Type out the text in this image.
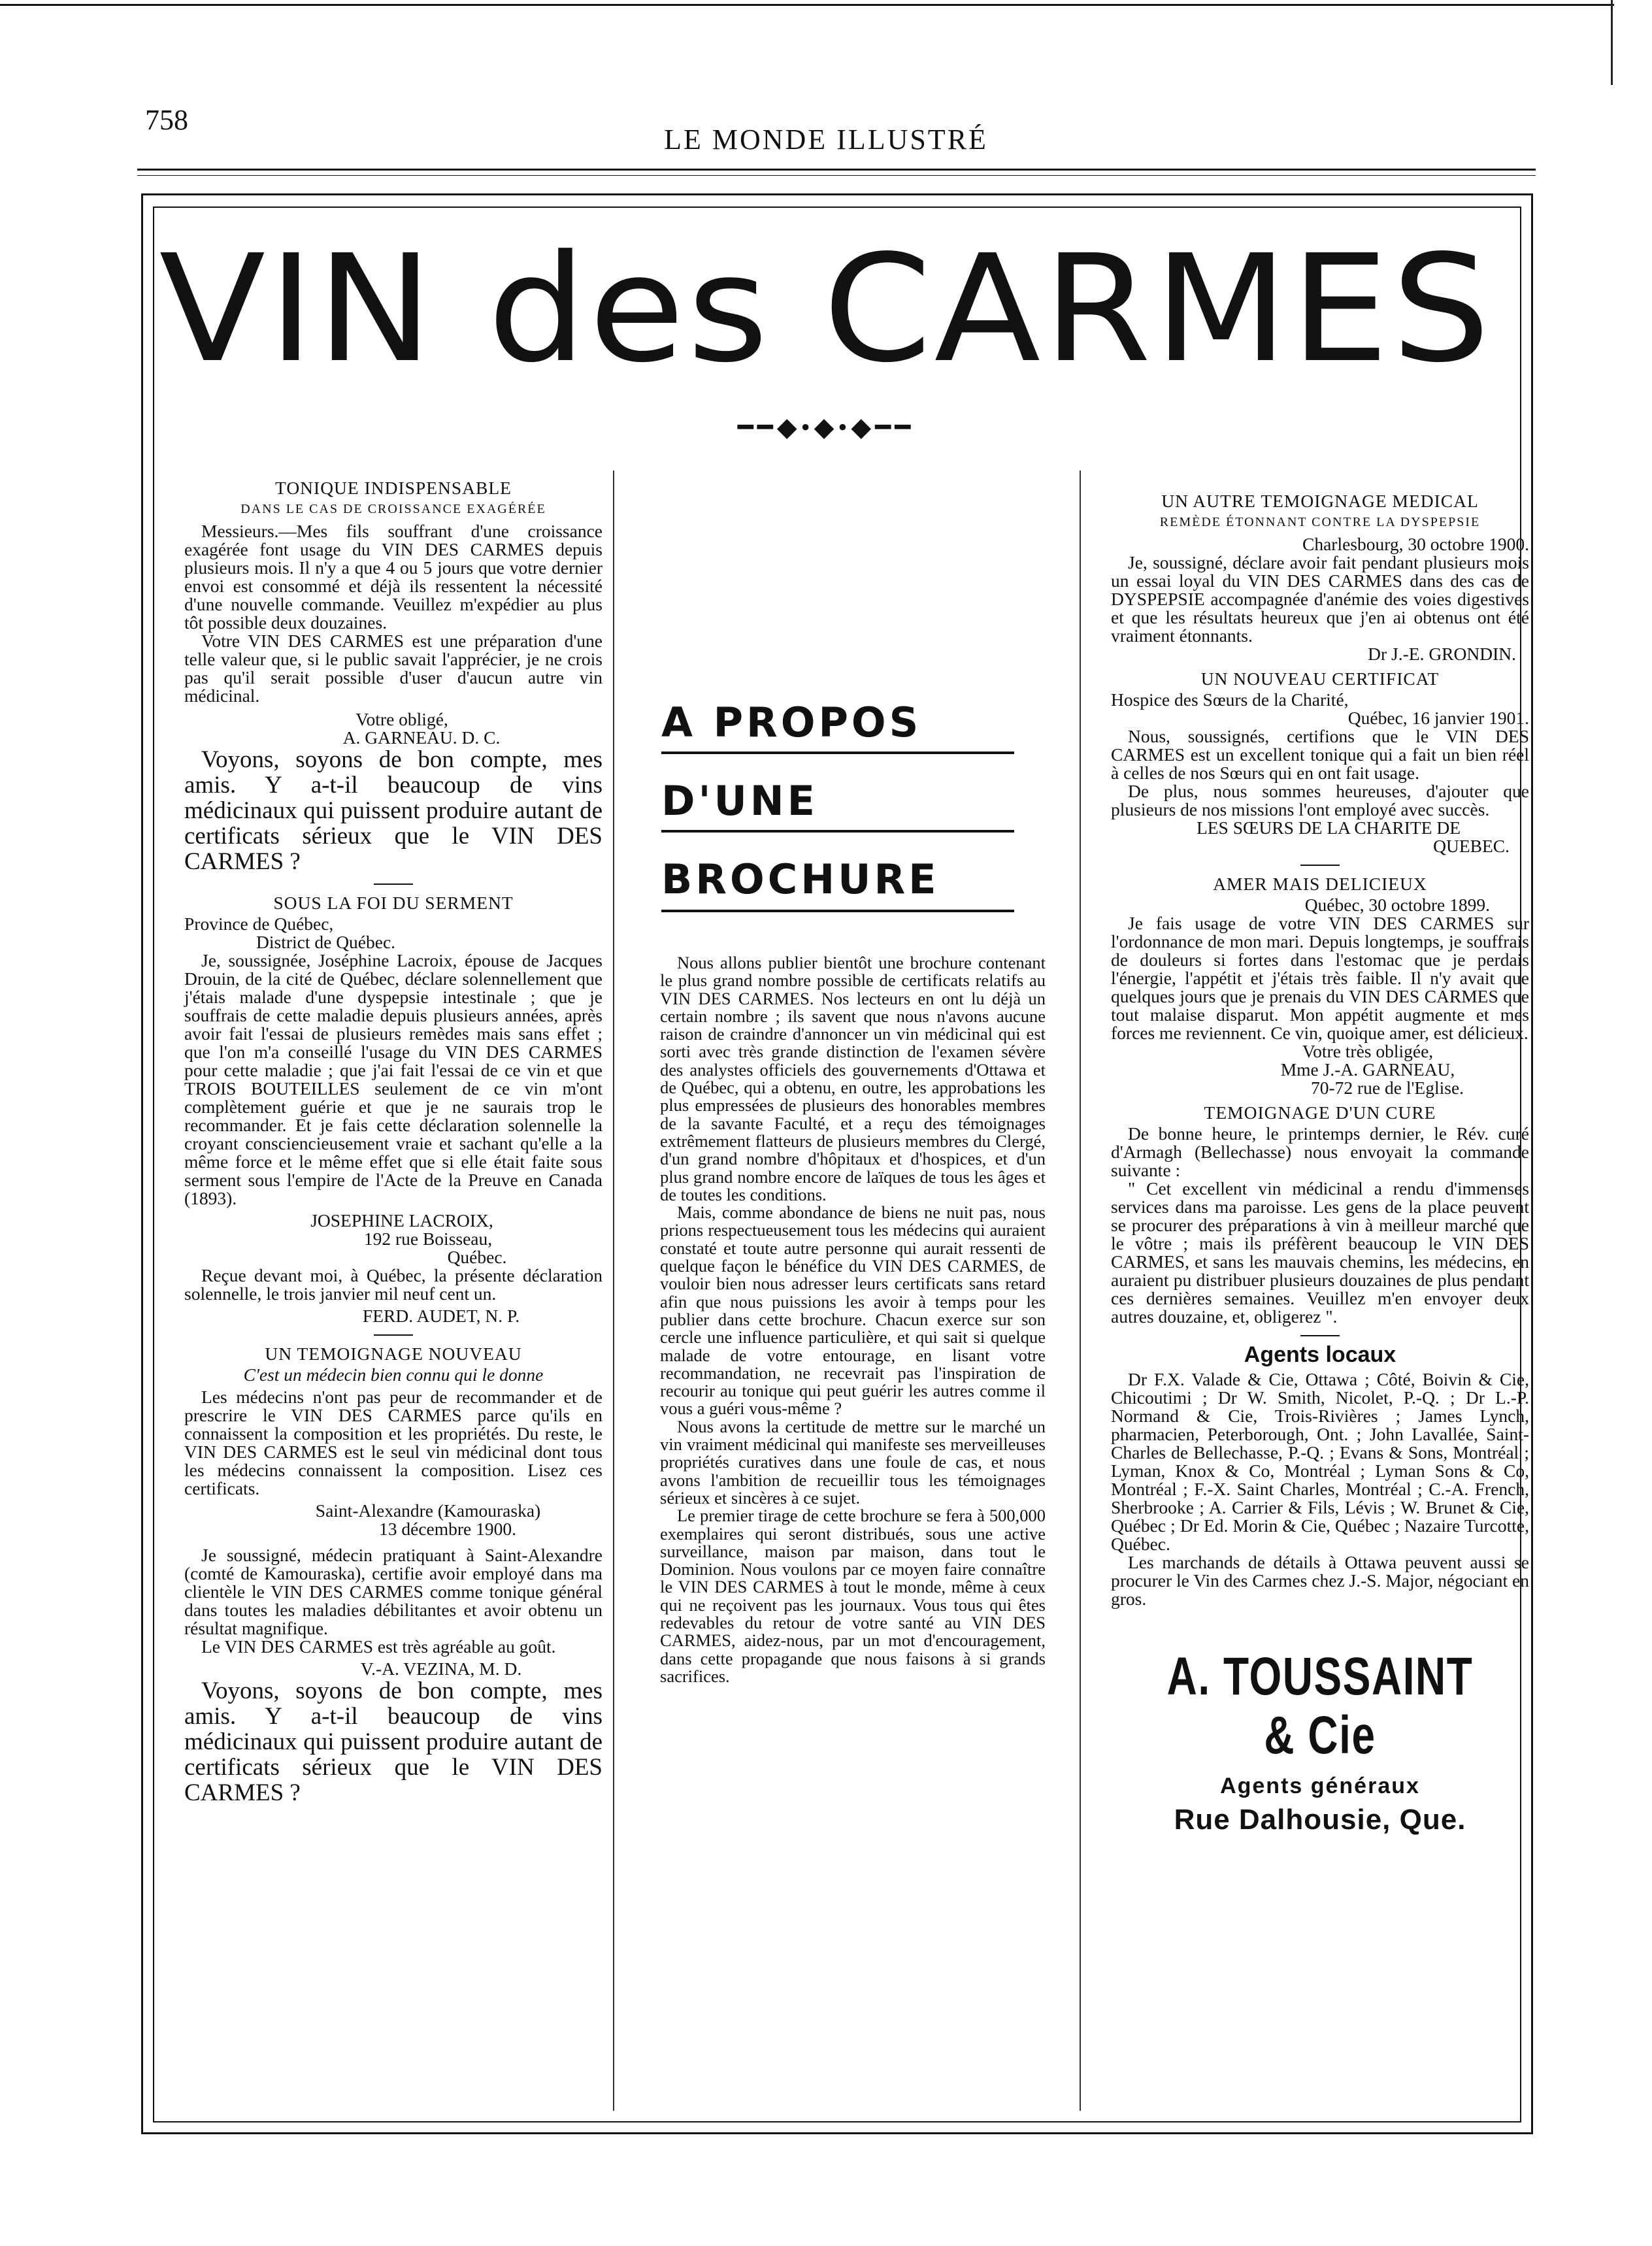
758
LE MONDE ILLUSTRÉ
VIN des CARMES
━━◆•◆•◆━━
TONIQUE INDISPENSABLE
DANS LE CAS DE CROISSANCE EXAGÉRÉE

Messieurs.—Mes fils souffrant d'une croissance exagérée font usage du VIN DES CARMES depuis plusieurs mois. Il n'y a que 4 ou 5 jours que votre dernier envoi est consommé et déjà ils ressentent la nécessité d'une nouvelle commande. Veuillez m'expédier au plus tôt possible deux douzaines.

Votre VIN DES CARMES est une préparation d'une telle valeur que, si le public savait l'apprécier, je ne crois pas qu'il serait possible d'user d'aucun autre vin médicinal.

Votre obligé,

A. GARNEAU. D. C.

Voyons, soyons de bon compte, mes amis. Y a-t-il beaucoup de vins médicinaux qui puissent produire autant de certificats sérieux que le VIN DES CARMES ?

SOUS LA FOI DU SERMENT

Province de Québec,

District de Québec.

Je, soussignée, Joséphine Lacroix, épouse de Jacques Drouin, de la cité de Québec, déclare solennellement que j'étais malade d'une dyspepsie intestinale ; que je souffrais de cette maladie depuis plusieurs années, après avoir fait l'essai de plusieurs remèdes mais sans effet ; que l'on m'a conseillé l'usage du VIN DES CARMES pour cette maladie ; que j'ai fait l'essai de ce vin et que TROIS BOUTEILLES seulement de ce vin m'ont complètement guérie et que je ne saurais trop le recommander. Et je fais cette déclaration solennelle la croyant consciencieusement vraie et sachant qu'elle a la même force et le même effet que si elle était faite sous serment sous l'empire de l'Acte de la Preuve en Canada (1893).

JOSEPHINE LACROIX,

192 rue Boisseau,

Québec.

Reçue devant moi, à Québec, la présente déclaration solennelle, le trois janvier mil neuf cent un.

FERD. AUDET, N. P.

UN TEMOIGNAGE NOUVEAU
C'est un médecin bien connu qui le donne

Les médecins n'ont pas peur de recommander et de prescrire le VIN DES CARMES parce qu'ils en connaissent la composition et les propriétés. Du reste, le VIN DES CARMES est le seul vin médicinal dont tous les médecins connaissent la composition. Lisez ces certificats.

Saint-Alexandre (Kamouraska)

13 décembre 1900.

Je soussigné, médecin pratiquant à Saint-Alexandre (comté de Kamouraska), certifie avoir employé dans ma clientèle le VIN DES CARMES comme tonique général dans toutes les maladies débilitantes et avoir obtenu un résultat magnifique.

Le VIN DES CARMES est très agréable au goût.

V.-A. VEZINA, M. D.

Voyons, soyons de bon compte, mes amis. Y a-t-il beaucoup de vins médicinaux qui puissent produire autant de certificats sérieux que le VIN DES CARMES ?

A PROPOS
D'UNE
BROCHURE

Nous allons publier bientôt une brochure contenant le plus grand nombre possible de certificats relatifs au VIN DES CARMES. Nos lecteurs en ont lu déjà un certain nombre ; ils savent que nous n'avons aucune raison de craindre d'annoncer un vin médicinal qui est sorti avec très grande distinction de l'examen sévère des analystes officiels des gouvernements d'Ottawa et de Québec, qui a obtenu, en outre, les approbations les plus empressées de plusieurs des honorables membres de la savante Faculté, et a reçu des témoignages extrêmement flatteurs de plusieurs membres du Clergé, d'un grand nombre d'hôpitaux et d'hospices, et d'un plus grand nombre encore de laïques de tous les âges et de toutes les conditions.

Mais, comme abondance de biens ne nuit pas, nous prions respectueusement tous les médecins qui auraient constaté et toute autre personne qui aurait ressenti de quelque façon le bénéfice du VIN DES CARMES, de vouloir bien nous adresser leurs certificats sans retard afin que nous puissions les avoir à temps pour les publier dans cette brochure. Chacun exerce sur son cercle une influence particulière, et qui sait si quelque malade de votre entourage, en lisant votre recommandation, ne recevrait pas l'inspiration de recourir au tonique qui peut guérir les autres comme il vous a guéri vous-même ?

Nous avons la certitude de mettre sur le marché un vin vraiment médicinal qui manifeste ses merveilleuses propriétés curatives dans une foule de cas, et nous avons l'ambition de recueillir tous les témoignages sérieux et sincères à ce sujet.

Le premier tirage de cette brochure se fera à 500,000 exemplaires qui seront distribués, sous une active surveillance, maison par maison, dans tout le Dominion. Nous voulons par ce moyen faire connaître le VIN DES CARMES à tout le monde, même à ceux qui ne reçoivent pas les journaux. Vous tous qui êtes redevables du retour de votre santé au VIN DES CARMES, aidez-nous, par un mot d'encouragement, dans cette propagande que nous faisons à si grands sacrifices.

UN AUTRE TEMOIGNAGE MEDICAL
REMÈDE ÉTONNANT CONTRE LA DYSPEPSIE

Charlesbourg, 30 octobre 1900.

Je, soussigné, déclare avoir fait pendant plusieurs mois un essai loyal du VIN DES CARMES dans des cas de DYSPEPSIE accompagnée d'anémie des voies digestives et que les résultats heureux que j'en ai obtenus ont été vraiment étonnants.

Dr J.-E. GRONDIN.

UN NOUVEAU CERTIFICAT

Hospice des Sœurs de la Charité,

Québec, 16 janvier 1901.

Nous, soussignés, certifions que le VIN DES CARMES est un excellent tonique qui a fait un bien réel à celles de nos Sœurs qui en ont fait usage.

De plus, nous sommes heureuses, d'ajouter que plusieurs de nos missions l'ont employé avec succès.

LES SŒURS DE LA CHARITE DE

QUEBEC.

AMER MAIS DELICIEUX

Québec, 30 octobre 1899.

Je fais usage de votre VIN DES CARMES sur l'ordonnance de mon mari. Depuis longtemps, je souffrais de douleurs si fortes dans l'estomac que je perdais l'énergie, l'appétit et j'étais très faible. Il n'y avait que quelques jours que je prenais du VIN DES CARMES que tout malaise disparut. Mon appétit augmente et mes forces me reviennent. Ce vin, quoique amer, est délicieux.

Votre très obligée,

Mme J.-A. GARNEAU,

70-72 rue de l'Eglise.

TEMOIGNAGE D'UN CURE

De bonne heure, le printemps dernier, le Rév. curé d'Armagh (Bellechasse) nous envoyait la commande suivante :

" Cet excellent vin médicinal a rendu d'immenses services dans ma paroisse. Les gens de la place peuvent se procurer des préparations à vin à meilleur marché que le vôtre ; mais ils préfèrent beaucoup le VIN DES CARMES, et sans les mauvais chemins, les médecins, en auraient pu distribuer plusieurs douzaines de plus pendant ces dernières semaines. Veuillez m'en envoyer deux autres douzaine, et, obligerez ".

Agents locaux

Dr F.X. Valade & Cie, Ottawa ; Côté, Boivin & Cie, Chicoutimi ; Dr W. Smith, Nicolet, P.-Q. ; Dr L.-P. Normand & Cie, Trois-Rivières ; James Lynch, pharmacien, Peterborough, Ont. ; John Lavallée, Saint-Charles de Bellechasse, P.-Q. ; Evans & Sons, Montréal ; Lyman, Knox & Co, Montréal ; Lyman Sons & Co, Montréal ; F.-X. Saint Charles, Montréal ; C.-A. French, Sherbrooke ; A. Carrier & Fils, Lévis ; W. Brunet & Cie, Québec ; Dr Ed. Morin & Cie, Québec ; Nazaire Turcotte, Québec.

Les marchands de détails à Ottawa peuvent aussi se procurer le Vin des Carmes chez J.-S. Major, négociant en gros.

A. TOUSSAINT & Cie
Agents généraux
Rue Dalhousie, Que.
